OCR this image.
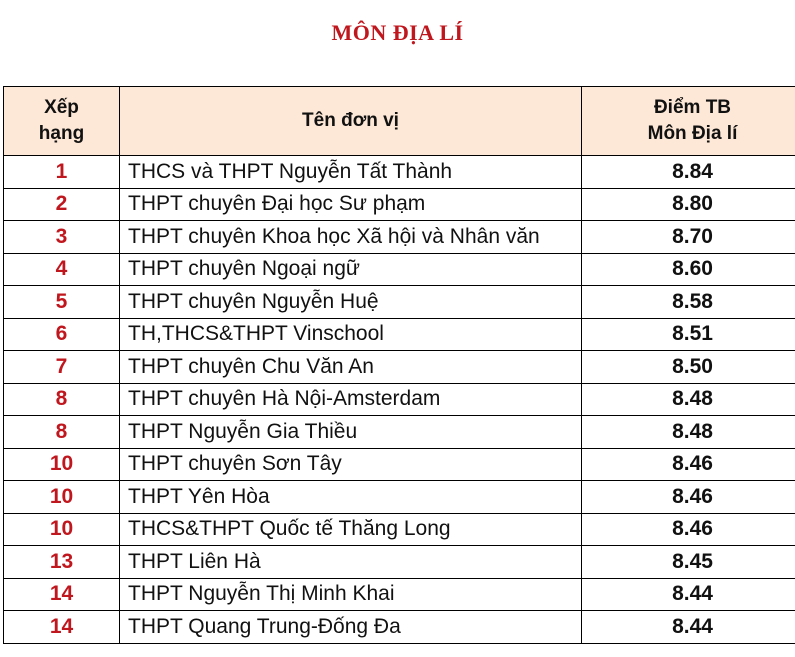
MÔN ĐỊA LÍ
Xếp
hạng	Tên đơn vị	Điểm TB
Môn Địa lí

1	THCS và THPT Nguyễn Tất Thành	8.84
2	THPT chuyên Đại học Sư phạm	8.80
3	THPT chuyên Khoa học Xã hội và Nhân văn	8.70
4	THPT chuyên Ngoại ngữ	8.60
5	THPT chuyên Nguyễn Huệ	8.58
6	TH,THCS&THPT Vinschool	8.51
7	THPT chuyên Chu Văn An	8.50
8	THPT chuyên Hà Nội-Amsterdam	8.48
8	THPT Nguyễn Gia Thiều	8.48
10	THPT chuyên Sơn Tây	8.46
10	THPT Yên Hòa	8.46
10	THCS&THPT Quốc tế Thăng Long	8.46
13	THPT Liên Hà	8.45
14	THPT Nguyễn Thị Minh Khai	8.44
14	THPT Quang Trung-Đống Đa	8.44
